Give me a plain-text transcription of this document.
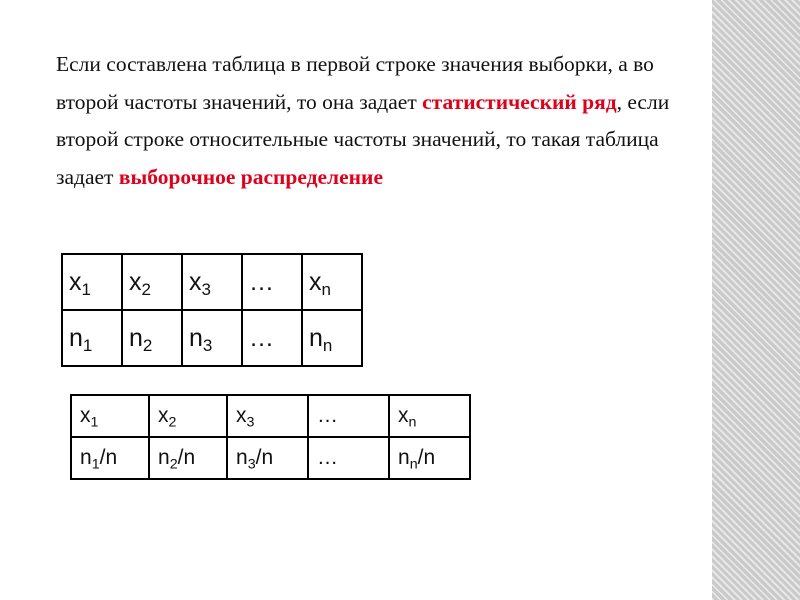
Если составлена таблица в первой строке значения выборки, а во второй частоты значений, то она задает статистический ряд, если второй строке относительные частоты значений, то такая таблица задает выборочное распределение
$x_1$	$x_2$	$x_3$	…	$x_n$
$n_1$	$n_2$	$n_3$	…	$n_n$
$x_1$	$x_2$	$x_3$	…	$x_n$
$n_1/n$	$n_2/n$	$n_3/n$	…	$n_n/n$
